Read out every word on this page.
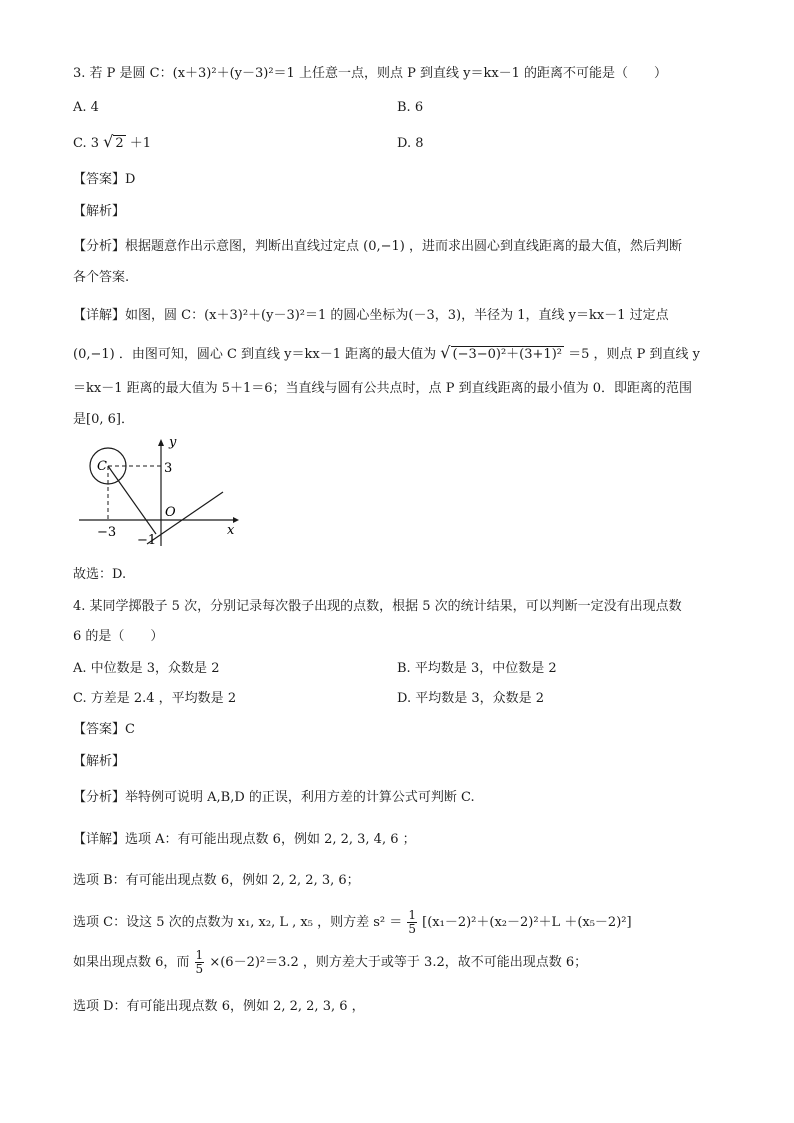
3. 若 P 是圆 C：(x＋3)²＋(y－3)²＝1 上任意一点，则点 P 到直线 y＝kx－1 的距离不可能是（　　）
A. 4	B. 6
C. 3 √ 2 ＋1	D. 8
【答案】D
【解析】
【分析】根据题意作出示意图，判断出直线过定点 (0,−1) ，进而求出圆心到直线距离的最大值，然后判断
各个答案.
【详解】如图，圆 C：(x＋3)²＋(y－3)²＝1 的圆心坐标为(－3，3)，半径为 1，直线 y＝kx－1 过定点
(0,−1) ．由图可知，圆心 C 到直线 y＝kx－1 距离的最大值为 √ (−3−0)²＋(3+1)² ＝5 ，则点 P 到直线 y
＝kx－1 距离的最大值为 5＋1＝6；当直线与圆有公共点时，点 P 到直线距离的最小值为 0．即距离的范围
是[0, 6]．
y
x
C
O
3
−3
−1
故选：D.
4. 某同学掷骰子 5 次，分别记录每次骰子出现的点数，根据 5 次的统计结果，可以判断一定没有出现点数
6 的是（　　）
A. 中位数是 3，众数是 2	B. 平均数是 3，中位数是 2
C. 方差是 2.4 ，平均数是 2	D. 平均数是 3，众数是 2
【答案】C
【解析】
【分析】举特例可说明 A,B,D 的正误，利用方差的计算公式可判断 C.
【详解】选项 A：有可能出现点数 6，例如 2, 2, 3, 4, 6 ；
选项 B：有可能出现点数 6，例如 2, 2, 2, 3, 6；
选项 C：设这 5 次的点数为 x₁, x₂, L , x₅ ，则方差 $s^2 = \frac{1}{5} [(x_1-2)^2+(x_2-2)^2+L +(x_5-2)^2]$
如果出现点数 6，而 $\frac{1}{5} \times(6-2)^2=3.2$ ，则方差大于或等于 3.2，故不可能出现点数 6；
选项 D：有可能出现点数 6，例如 2, 2, 2, 3, 6 ，
